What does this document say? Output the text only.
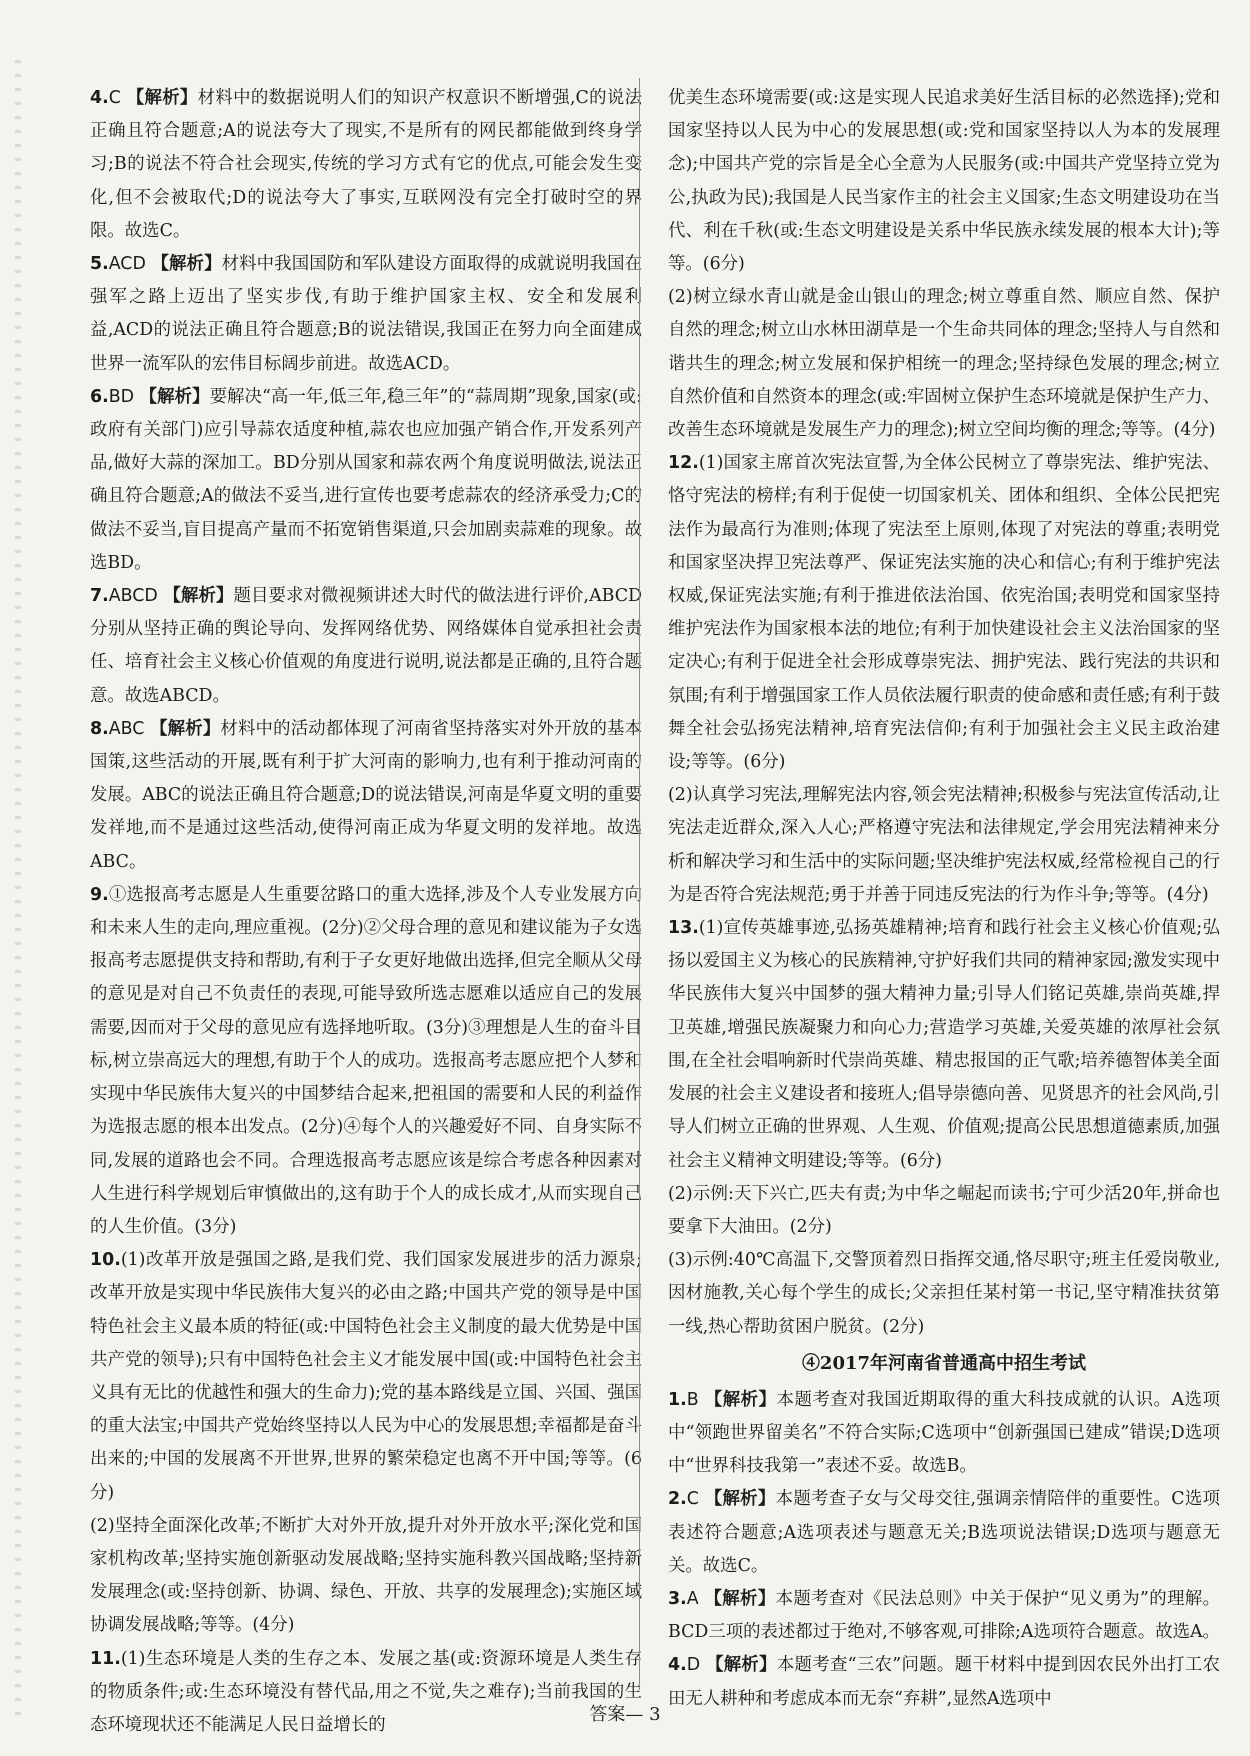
4.C 【解析】材料中的数据说明人们的知识产权意识不断增强,C的说法正确且符合题意;A的说法夸大了现实,不是所有的网民都能做到终身学习;B的说法不符合社会现实,传统的学习方式有它的优点,可能会发生变化,但不会被取代;D的说法夸大了事实,互联网没有完全打破时空的界限。故选C。

5.ACD 【解析】材料中我国国防和军队建设方面取得的成就说明我国在强军之路上迈出了坚实步伐,有助于维护国家主权、安全和发展利益,ACD的说法正确且符合题意;B的说法错误,我国正在努力向全面建成世界一流军队的宏伟目标阔步前进。故选ACD。

6.BD 【解析】要解决“高一年,低三年,稳三年”的“蒜周期”现象,国家(或:政府有关部门)应引导蒜农适度种植,蒜农也应加强产销合作,开发系列产品,做好大蒜的深加工。BD分别从国家和蒜农两个角度说明做法,说法正确且符合题意;A的做法不妥当,进行宣传也要考虑蒜农的经济承受力;C的做法不妥当,盲目提高产量而不拓宽销售渠道,只会加剧卖蒜难的现象。故选BD。

7.ABCD 【解析】题目要求对微视频讲述大时代的做法进行评价,ABCD分别从坚持正确的舆论导向、发挥网络优势、网络媒体自觉承担社会责任、培育社会主义核心价值观的角度进行说明,说法都是正确的,且符合题意。故选ABCD。

8.ABC 【解析】材料中的活动都体现了河南省坚持落实对外开放的基本国策,这些活动的开展,既有利于扩大河南的影响力,也有利于推动河南的发展。ABC的说法正确且符合题意;D的说法错误,河南是华夏文明的重要发祥地,而不是通过这些活动,使得河南正成为华夏文明的发祥地。故选ABC。

9.①选报高考志愿是人生重要岔路口的重大选择,涉及个人专业发展方向和未来人生的走向,理应重视。(2分)②父母合理的意见和建议能为子女选报高考志愿提供支持和帮助,有利于子女更好地做出选择,但完全顺从父母的意见是对自己不负责任的表现,可能导致所选志愿难以适应自己的发展需要,因而对于父母的意见应有选择地听取。(3分)③理想是人生的奋斗目标,树立崇高远大的理想,有助于个人的成功。选报高考志愿应把个人梦和实现中华民族伟大复兴的中国梦结合起来,把祖国的需要和人民的利益作为选报志愿的根本出发点。(2分)④每个人的兴趣爱好不同、自身实际不同,发展的道路也会不同。合理选报高考志愿应该是综合考虑各种因素对人生进行科学规划后审慎做出的,这有助于个人的成长成才,从而实现自己的人生价值。(3分)

10.(1)改革开放是强国之路,是我们党、我们国家发展进步的活力源泉;改革开放是实现中华民族伟大复兴的必由之路;中国共产党的领导是中国特色社会主义最本质的特征(或:中国特色社会主义制度的最大优势是中国共产党的领导);只有中国特色社会主义才能发展中国(或:中国特色社会主义具有无比的优越性和强大的生命力);党的基本路线是立国、兴国、强国的重大法宝;中国共产党始终坚持以人民为中心的发展思想;幸福都是奋斗出来的;中国的发展离不开世界,世界的繁荣稳定也离不开中国;等等。(6分)

(2)坚持全面深化改革;不断扩大对外开放,提升对外开放水平;深化党和国家机构改革;坚持实施创新驱动发展战略;坚持实施科教兴国战略;坚持新发展理念(或:坚持创新、协调、绿色、开放、共享的发展理念);实施区域协调发展战略;等等。(4分)

11.(1)生态环境是人类的生存之本、发展之基(或:资源环境是人类生存的物质条件;或:生态环境没有替代品,用之不觉,失之难存);当前我国的生态环境现状还不能满足人民日益增长的

优美生态环境需要(或:这是实现人民追求美好生活目标的必然选择);党和国家坚持以人民为中心的发展思想(或:党和国家坚持以人为本的发展理念);中国共产党的宗旨是全心全意为人民服务(或:中国共产党坚持立党为公,执政为民);我国是人民当家作主的社会主义国家;生态文明建设功在当代、利在千秋(或:生态文明建设是关系中华民族永续发展的根本大计);等等。(6分)

(2)树立绿水青山就是金山银山的理念;树立尊重自然、顺应自然、保护自然的理念;树立山水林田湖草是一个生命共同体的理念;坚持人与自然和谐共生的理念;树立发展和保护相统一的理念;坚持绿色发展的理念;树立自然价值和自然资本的理念(或:牢固树立保护生态环境就是保护生产力、改善生态环境就是发展生产力的理念);树立空间均衡的理念;等等。(4分)

12.(1)国家主席首次宪法宣誓,为全体公民树立了尊崇宪法、维护宪法、恪守宪法的榜样;有利于促使一切国家机关、团体和组织、全体公民把宪法作为最高行为准则;体现了宪法至上原则,体现了对宪法的尊重;表明党和国家坚决捍卫宪法尊严、保证宪法实施的决心和信心;有利于维护宪法权威,保证宪法实施;有利于推进依法治国、依宪治国;表明党和国家坚持维护宪法作为国家根本法的地位;有利于加快建设社会主义法治国家的坚定决心;有利于促进全社会形成尊崇宪法、拥护宪法、践行宪法的共识和氛围;有利于增强国家工作人员依法履行职责的使命感和责任感;有利于鼓舞全社会弘扬宪法精神,培育宪法信仰;有利于加强社会主义民主政治建设;等等。(6分)

(2)认真学习宪法,理解宪法内容,领会宪法精神;积极参与宪法宣传活动,让宪法走近群众,深入人心;严格遵守宪法和法律规定,学会用宪法精神来分析和解决学习和生活中的实际问题;坚决维护宪法权威,经常检视自己的行为是否符合宪法规范;勇于并善于同违反宪法的行为作斗争;等等。(4分)

13.(1)宣传英雄事迹,弘扬英雄精神;培育和践行社会主义核心价值观;弘扬以爱国主义为核心的民族精神,守护好我们共同的精神家园;激发实现中华民族伟大复兴中国梦的强大精神力量;引导人们铭记英雄,崇尚英雄,捍卫英雄,增强民族凝聚力和向心力;营造学习英雄,关爱英雄的浓厚社会氛围,在全社会唱响新时代崇尚英雄、精忠报国的正气歌;培养德智体美全面发展的社会主义建设者和接班人;倡导崇德向善、见贤思齐的社会风尚,引导人们树立正确的世界观、人生观、价值观;提高公民思想道德素质,加强社会主义精神文明建设;等等。(6分)

(2)示例:天下兴亡,匹夫有责;为中华之崛起而读书;宁可少活20年,拼命也要拿下大油田。(2分)

(3)示例:40℃高温下,交警顶着烈日指挥交通,恪尽职守;班主任爱岗敬业,因材施教,关心每个学生的成长;父亲担任某村第一书记,坚守精准扶贫第一线,热心帮助贫困户脱贫。(2分)

④2017年河南省普通高中招生考试

1.B 【解析】本题考查对我国近期取得的重大科技成就的认识。A选项中“领跑世界留美名”不符合实际;C选项中“创新强国已建成”错误;D选项中“世界科技我第一”表述不妥。故选B。

2.C 【解析】本题考查子女与父母交往,强调亲情陪伴的重要性。C选项表述符合题意;A选项表述与题意无关;B选项说法错误;D选项与题意无关。故选C。

3.A 【解析】本题考查对《民法总则》中关于保护“见义勇为”的理解。BCD三项的表述都过于绝对,不够客观,可排除;A选项符合题意。故选A。

4.D 【解析】本题考查“三农”问题。题干材料中提到因农民外出打工农田无人耕种和考虑成本而无奈“弃耕”,显然A选项中

答案— 3
